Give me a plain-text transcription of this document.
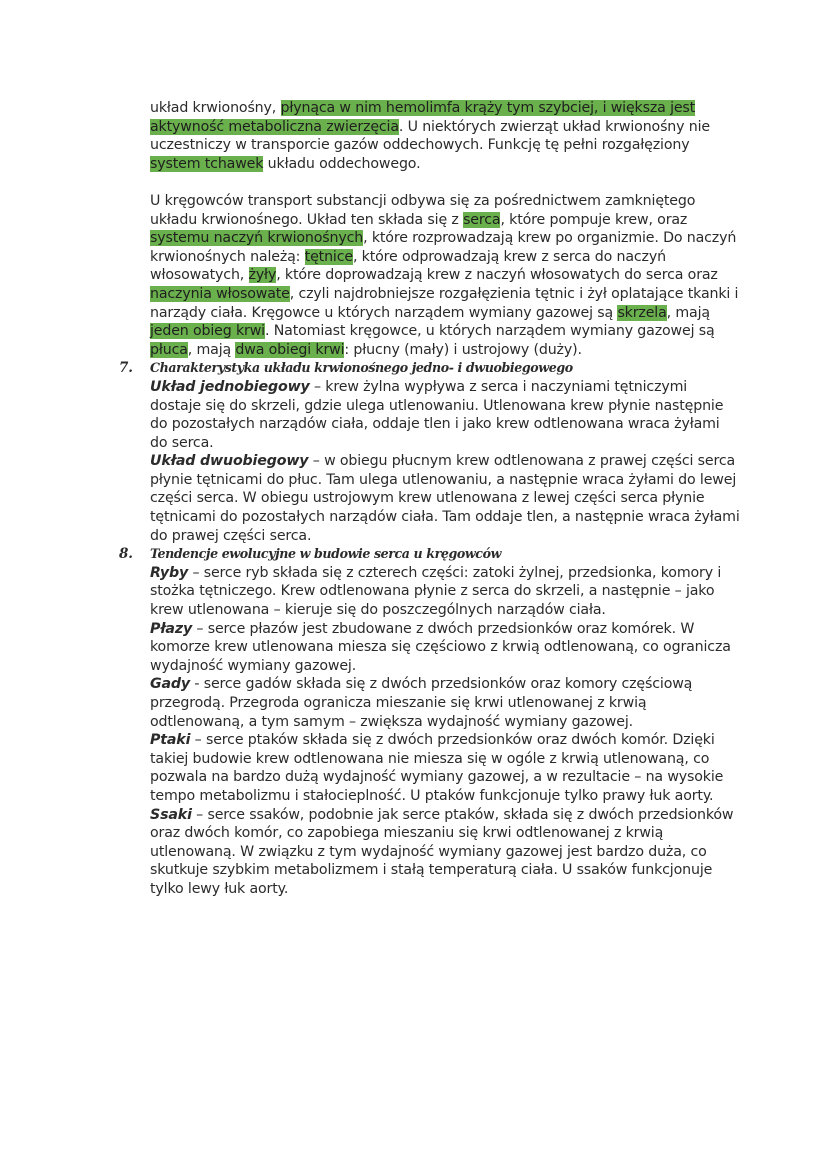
układ krwionośny, płynąca w nim hemolimfa krąży tym szybciej, i większa jest aktywność metaboliczna zwierzęcia. U niektórych zwierząt układ krwionośny nie uczestniczy w transporcie gazów oddechowych. Funkcję tę pełni rozgałęziony system tchawek układu oddechowego.

U kręgowców transport substancji odbywa się za pośrednictwem zamkniętego układu krwionośnego. Układ ten składa się z serca, które pompuje krew, oraz systemu naczyń krwionośnych, które rozprowadzają krew po organizmie. Do naczyń krwionośnych należą: tętnice, które odprowadzają krew z serca do naczyń włosowatych, żyły, które doprowadzają krew z naczyń włosowatych do serca oraz naczynia włosowate, czyli najdrobniejsze rozgałęzienia tętnic i żył oplatające tkanki i narządy ciała. Kręgowce u których narządem wymiany gazowej są skrzela, mają jeden obieg krwi. Natomiast kręgowce, u których narządem wymiany gazowej są płuca, mają dwa obiegi krwi: płucny (mały) i ustrojowy (duży).

7. Charakterystyka układu krwionośnego jedno- i dwuobiegowego

Układ jednobiegowy – krew żylna wypływa z serca i naczyniami tętniczymi dostaje się do skrzeli, gdzie ulega utlenowaniu. Utlenowana krew płynie następnie do pozostałych narządów ciała, oddaje tlen i jako krew odtlenowana wraca żyłami do serca.

Układ dwuobiegowy – w obiegu płucnym krew odtlenowana z prawej części serca płynie tętnicami do płuc. Tam ulega utlenowaniu, a następnie wraca żyłami do lewej części serca. W obiegu ustrojowym krew utlenowana z lewej części serca płynie tętnicami do pozostałych narządów ciała. Tam oddaje tlen, a następnie wraca żyłami do prawej części serca.

8. Tendencje ewolucyjne w budowie serca u kręgowców

Ryby – serce ryb składa się z czterech części: zatoki żylnej, przedsionka, komory i stożka tętniczego. Krew odtlenowana płynie z serca do skrzeli, a następnie – jako krew utlenowana – kieruje się do poszczególnych narządów ciała.

Płazy – serce płazów jest zbudowane z dwóch przedsionków oraz komórek. W komorze krew utlenowana miesza się częściowo z krwią odtlenowaną, co ogranicza wydajność wymiany gazowej.

Gady - serce gadów składa się z dwóch przedsionków oraz komory częściową przegrodą. Przegroda ogranicza mieszanie się krwi utlenowanej z krwią odtlenowaną, a tym samym – zwiększa wydajność wymiany gazowej.

Ptaki – serce ptaków składa się z dwóch przedsionków oraz dwóch komór. Dzięki takiej budowie krew odtlenowana nie miesza się w ogóle z krwią utlenowaną, co pozwala na bardzo dużą wydajność wymiany gazowej, a w rezultacie – na wysokie tempo metabolizmu i stałocieplność. U ptaków funkcjonuje tylko prawy łuk aorty.

Ssaki – serce ssaków, podobnie jak serce ptaków, składa się z dwóch przedsionków oraz dwóch komór, co zapobiega mieszaniu się krwi odtlenowanej z krwią utlenowaną. W związku z tym wydajność wymiany gazowej jest bardzo duża, co skutkuje szybkim metabolizmem i stałą temperaturą ciała. U ssaków funkcjonuje tylko lewy łuk aorty.
